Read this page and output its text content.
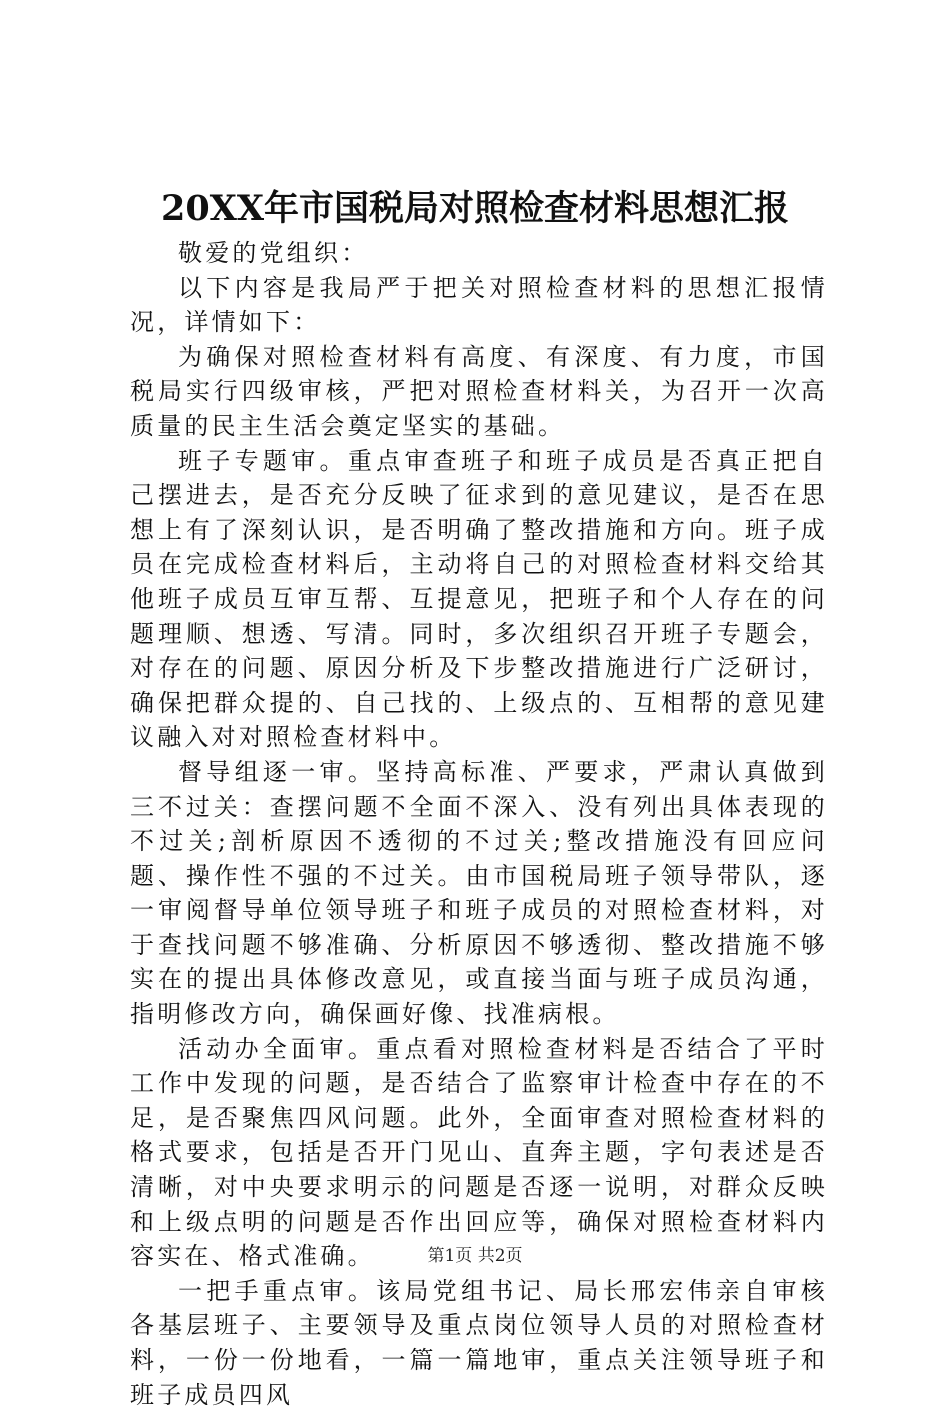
20XX年市国税局对照检查材料思想汇报

敬爱的党组织：

以下内容是我局严于把关对照检查材料的思想汇报情况，详情如下：

为确保对照检查材料有高度、有深度、有力度，市国税局实行四级审核，严把对照检查材料关，为召开一次高质量的民主生活会奠定坚实的基础。

班子专题审。重点审查班子和班子成员是否真正把自己摆进去，是否充分反映了征求到的意见建议，是否在思想上有了深刻认识，是否明确了整改措施和方向。班子成员在完成检查材料后，主动将自己的对照检查材料交给其他班子成员互审互帮、互提意见，把班子和个人存在的问题理顺、想透、写清。同时，多次组织召开班子专题会，对存在的问题、原因分析及下步整改措施进行广泛研讨，确保把群众提的、自己找的、上级点的、互相帮的意见建议融入对对照检查材料中。

督导组逐一审。坚持高标准、严要求，严肃认真做到三不过关：查摆问题不全面不深入、没有列出具体表现的不过关;剖析原因不透彻的不过关;整改措施没有回应问题、操作性不强的不过关。由市国税局班子领导带队，逐一审阅督导单位领导班子和班子成员的对照检查材料，对于查找问题不够准确、分析原因不够透彻、整改措施不够实在的提出具体修改意见，或直接当面与班子成员沟通，指明修改方向，确保画好像、找准病根。

活动办全面审。重点看对照检查材料是否结合了平时工作中发现的问题，是否结合了监察审计检查中存在的不足，是否聚焦四风问题。此外，全面审查对照检查材料的格式要求，包括是否开门见山、直奔主题，字句表述是否清晰，对中央要求明示的问题是否逐一说明，对群众反映和上级点明的问题是否作出回应等，确保对照检查材料内容实在、格式准确。

一把手重点审。该局党组书记、局长邢宏伟亲自审核各基层班子、主要领导及重点岗位领导人员的对照检查材料，一份一份地看，一篇一篇地审，重点关注领导班子和班子成员四风

第1页 共2页
